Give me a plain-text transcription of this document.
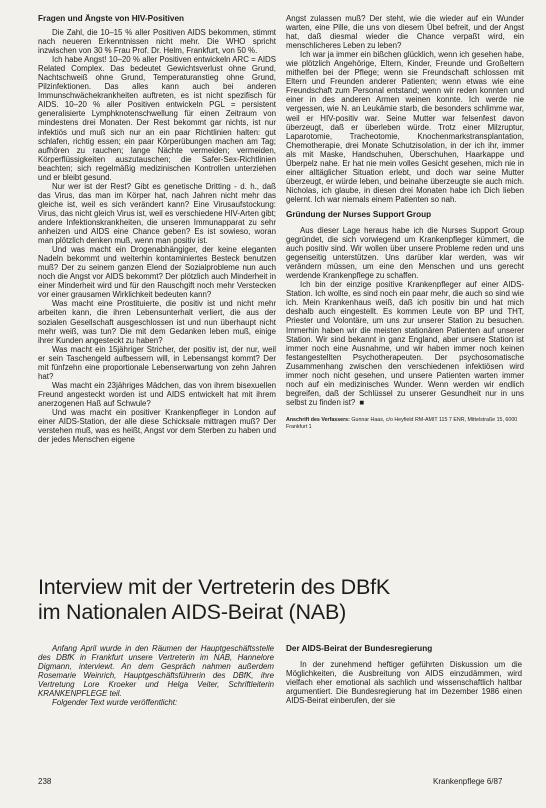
Fragen und Ängste von HIV-Positiven

Die Zahl, die 10–15 % aller Positiven AIDS bekommen, stimmt nach neueren Erkenntnissen nicht mehr. Die WHO spricht inzwischen von 30 % Frau Prof. Dr. Helm, Frankfurt, von 50 %.

Ich habe Angst! 10–20 % aller Positiven entwickeln ARC = AIDS Related Complex. Das bedeutet Gewichtsverlust ohne Grund, Nachtschweiß ohne Grund, Temperaturanstieg ohne Grund, Pilzinfektionen. Das alles kann auch bei anderen Immunschwächekrankheiten auftreten, es ist nicht spezifisch für AIDS. 10–20 % aller Positiven entwickeln PGL = persistent generalisierte Lymphknotenschwellung für einen Zeitraum von mindestens drei Monaten. Der Rest bekommt gar nichts, ist nur infektiös und muß sich nur an ein paar Richtlinien halten: gut schlafen, richtig essen; ein paar Körperübungen machen am Tag; aufhören zu rauchen; lange Nächte vermeiden; vermeiden, Körperflüssigkeiten auszutauschen; die Safer-Sex-Richtlinien beachten; sich regelmäßig medizinischen Kontrollen unterziehen und er bleibt gesund.

Nur wer ist der Rest? Gibt es genetische Dritting - d. h., daß das Virus, das man im Körper hat, nach Jahren nicht mehr das gleiche ist, weil es sich verändert kann? Eine Virusaufstockung: Virus, das nicht gleich Virus ist, weil es verschiedene HIV-Arten gibt; andere Infektionskrankheiten, die unseren Immunapparat zu sehr anheizen und AIDS eine Chance geben? Es ist sowieso, woran man plötzlich denken muß, wenn man positiv ist.

Und was macht ein Drogenabhängiger, der keine eleganten Nadeln bekommt und weiterhin kontaminiertes Besteck benutzen muß? Der zu seinem ganzen Elend der Sozialprobleme nun auch noch die Angst vor AIDS bekommt? Der plötzlich auch Minderheit in einer Minderheit wird und für den Rauschgift noch mehr Verstecken vor einer grausamen Wirklichkeit bedeuten kann?

Was macht eine Prostituierte, die positiv ist und nicht mehr arbeiten kann, die ihren Lebensunterhalt verliert, die aus der sozialen Gesellschaft ausgeschlossen ist und nun überhaupt nicht mehr weiß, was tun? Die mit dem Gedanken leben muß, einige ihrer Kunden angesteckt zu haben?

Was macht ein 15jähriger Stricher, der positiv ist, der nur, weil er sein Taschengeld aufbessern will, in Lebensangst kommt? Der mit fünfzehn eine proportionale Lebenserwartung von zehn Jahren hat?

Was macht ein 23jähriges Mädchen, das von ihrem bisexuellen Freund angesteckt worden ist und AIDS entwickelt hat mit ihrem anerzogenen Haß auf Schwule?

Und was macht ein positiver Krankenpfleger in London auf einer AIDS-Station, der alle diese Schicksale mittragen muß? Der verstehen muß, was es heißt, Angst vor dem Sterben zu haben und der jedes Menschen eigene

Angst zulassen muß? Der steht, wie die wieder auf ein Wunder warten, eine Pille, die uns von diesem Übel befreit, und der Angst hat, daß diesmal wieder die Chance verpaßt wird, ein menschlicheres Leben zu leben?

Ich war ja immer ein bißchen glücklich, wenn ich gesehen habe, wie plötzlich Angehörige, Eltern, Kinder, Freunde und Großeltern mithelfen bei der Pflege; wenn sie Freundschaft schlossen mit Eltern und Freunden anderer Patienten; wenn etwas wie eine Freundschaft zum Personal entstand; wenn wir reden konnten und einer in des anderen Armen weinen konnte. Ich werde nie vergessen, wie N. an Leukämie starb, die besonders schlimme war, weil er HIV-positiv war. Seine Mutter war felsenfest davon überzeugt, daß er überleben würde. Trotz einer Milzruptur, Laparotomie, Tracheotomie, Knochenmarkstransplantation, Chemotherapie, drei Monate Schutzisolation, in der ich ihr, immer als mit Maske, Handschuhen, Überschuhen, Haarkappe und Überpelz nahe. Er hat nie mein volles Gesicht gesehen, mich nie in einer alltäglicher Situation erlebt, und doch war seine Mutter überzeugt, er würde leben, und beinahe überzeugte sie auch mich. Nicholas, ich glaube, in diesen drei Monaten habe ich Dich lieben gelernt. Ich war niemals einem Patienten so nah.

Gründung der Nurses Support Group

Aus dieser Lage heraus habe ich die Nurses Support Group gegründet, die sich vorwiegend um Krankenpfleger kümmert, die auch positiv sind. Wir wollen über unsere Probleme reden und uns gegenseitig unterstützen. Uns darüber klar werden, was wir verändern müssen, um eine den Menschen und uns gerecht werdende Krankenpflege zu schaffen.

Ich bin der einzige positive Krankenpfleger auf einer AIDS-Station. Ich wollte, es sind noch ein paar mehr, die auch so sind wie ich. Mein Krankenhaus weiß, daß ich positiv bin und hat mich deshalb auch eingestellt. Es kommen Leute von BP und THT, Priester und Volontäre, um uns zur unserer Station zu besuchen. Immerhin haben wir die meisten stationären Patienten auf unserer Station. Wir sind bekannt in ganz England, aber unsere Station ist immer noch eine Ausnahme, und wir haben immer noch keinen festangestellten Psychotherapeuten. Der psychosomatische Zusammenhang zwischen den verschiedenen infektiösen wird immer noch nicht gesehen, und unsere Patienten warten immer noch auf ein medizinisches Wunder. Wenn werden wir endlich begreifen, daß der Schlüssel zu unserer Gesundheit nur in uns selbst zu finden ist? ■

Anschrift des Verfassers: Gunnar Haas, c/o Heyfield RM-AMIT 115 7 ENR, Mittelstraße 15, 6000 Frankfurt 1
Interview mit der Vertreterin des DBfK
im Nationalen AIDS-Beirat (NAB)

Anfang April wurde in den Räumen der Hauptgeschäftsstelle des DBfK in Frankfurt unsere Vertreterin im NAB, Hannelore Digmann, interviewt. An dem Gespräch nahmen außerdem Rosemarie Weinrich, Hauptgeschäftsführerin des DBfK, ihre Vertretung Lore Kroeker und Helga Veiter, Schriftleiterin KRANKENPFLEGE teil.

Folgender Text wurde veröffentlicht:

Der AIDS-Beirat der Bundesregierung

In der zunehmend heftiger geführten Diskussion um die Möglichkeiten, die Ausbreitung von AIDS einzudämmen, wird vielfach eher emotional als sachlich und wissenschaftlich haltbar argumentiert. Die Bundesregierung hat im Dezember 1986 einen AIDS-Beirat einberufen, der sie

238	Krankenpflege 6/87
